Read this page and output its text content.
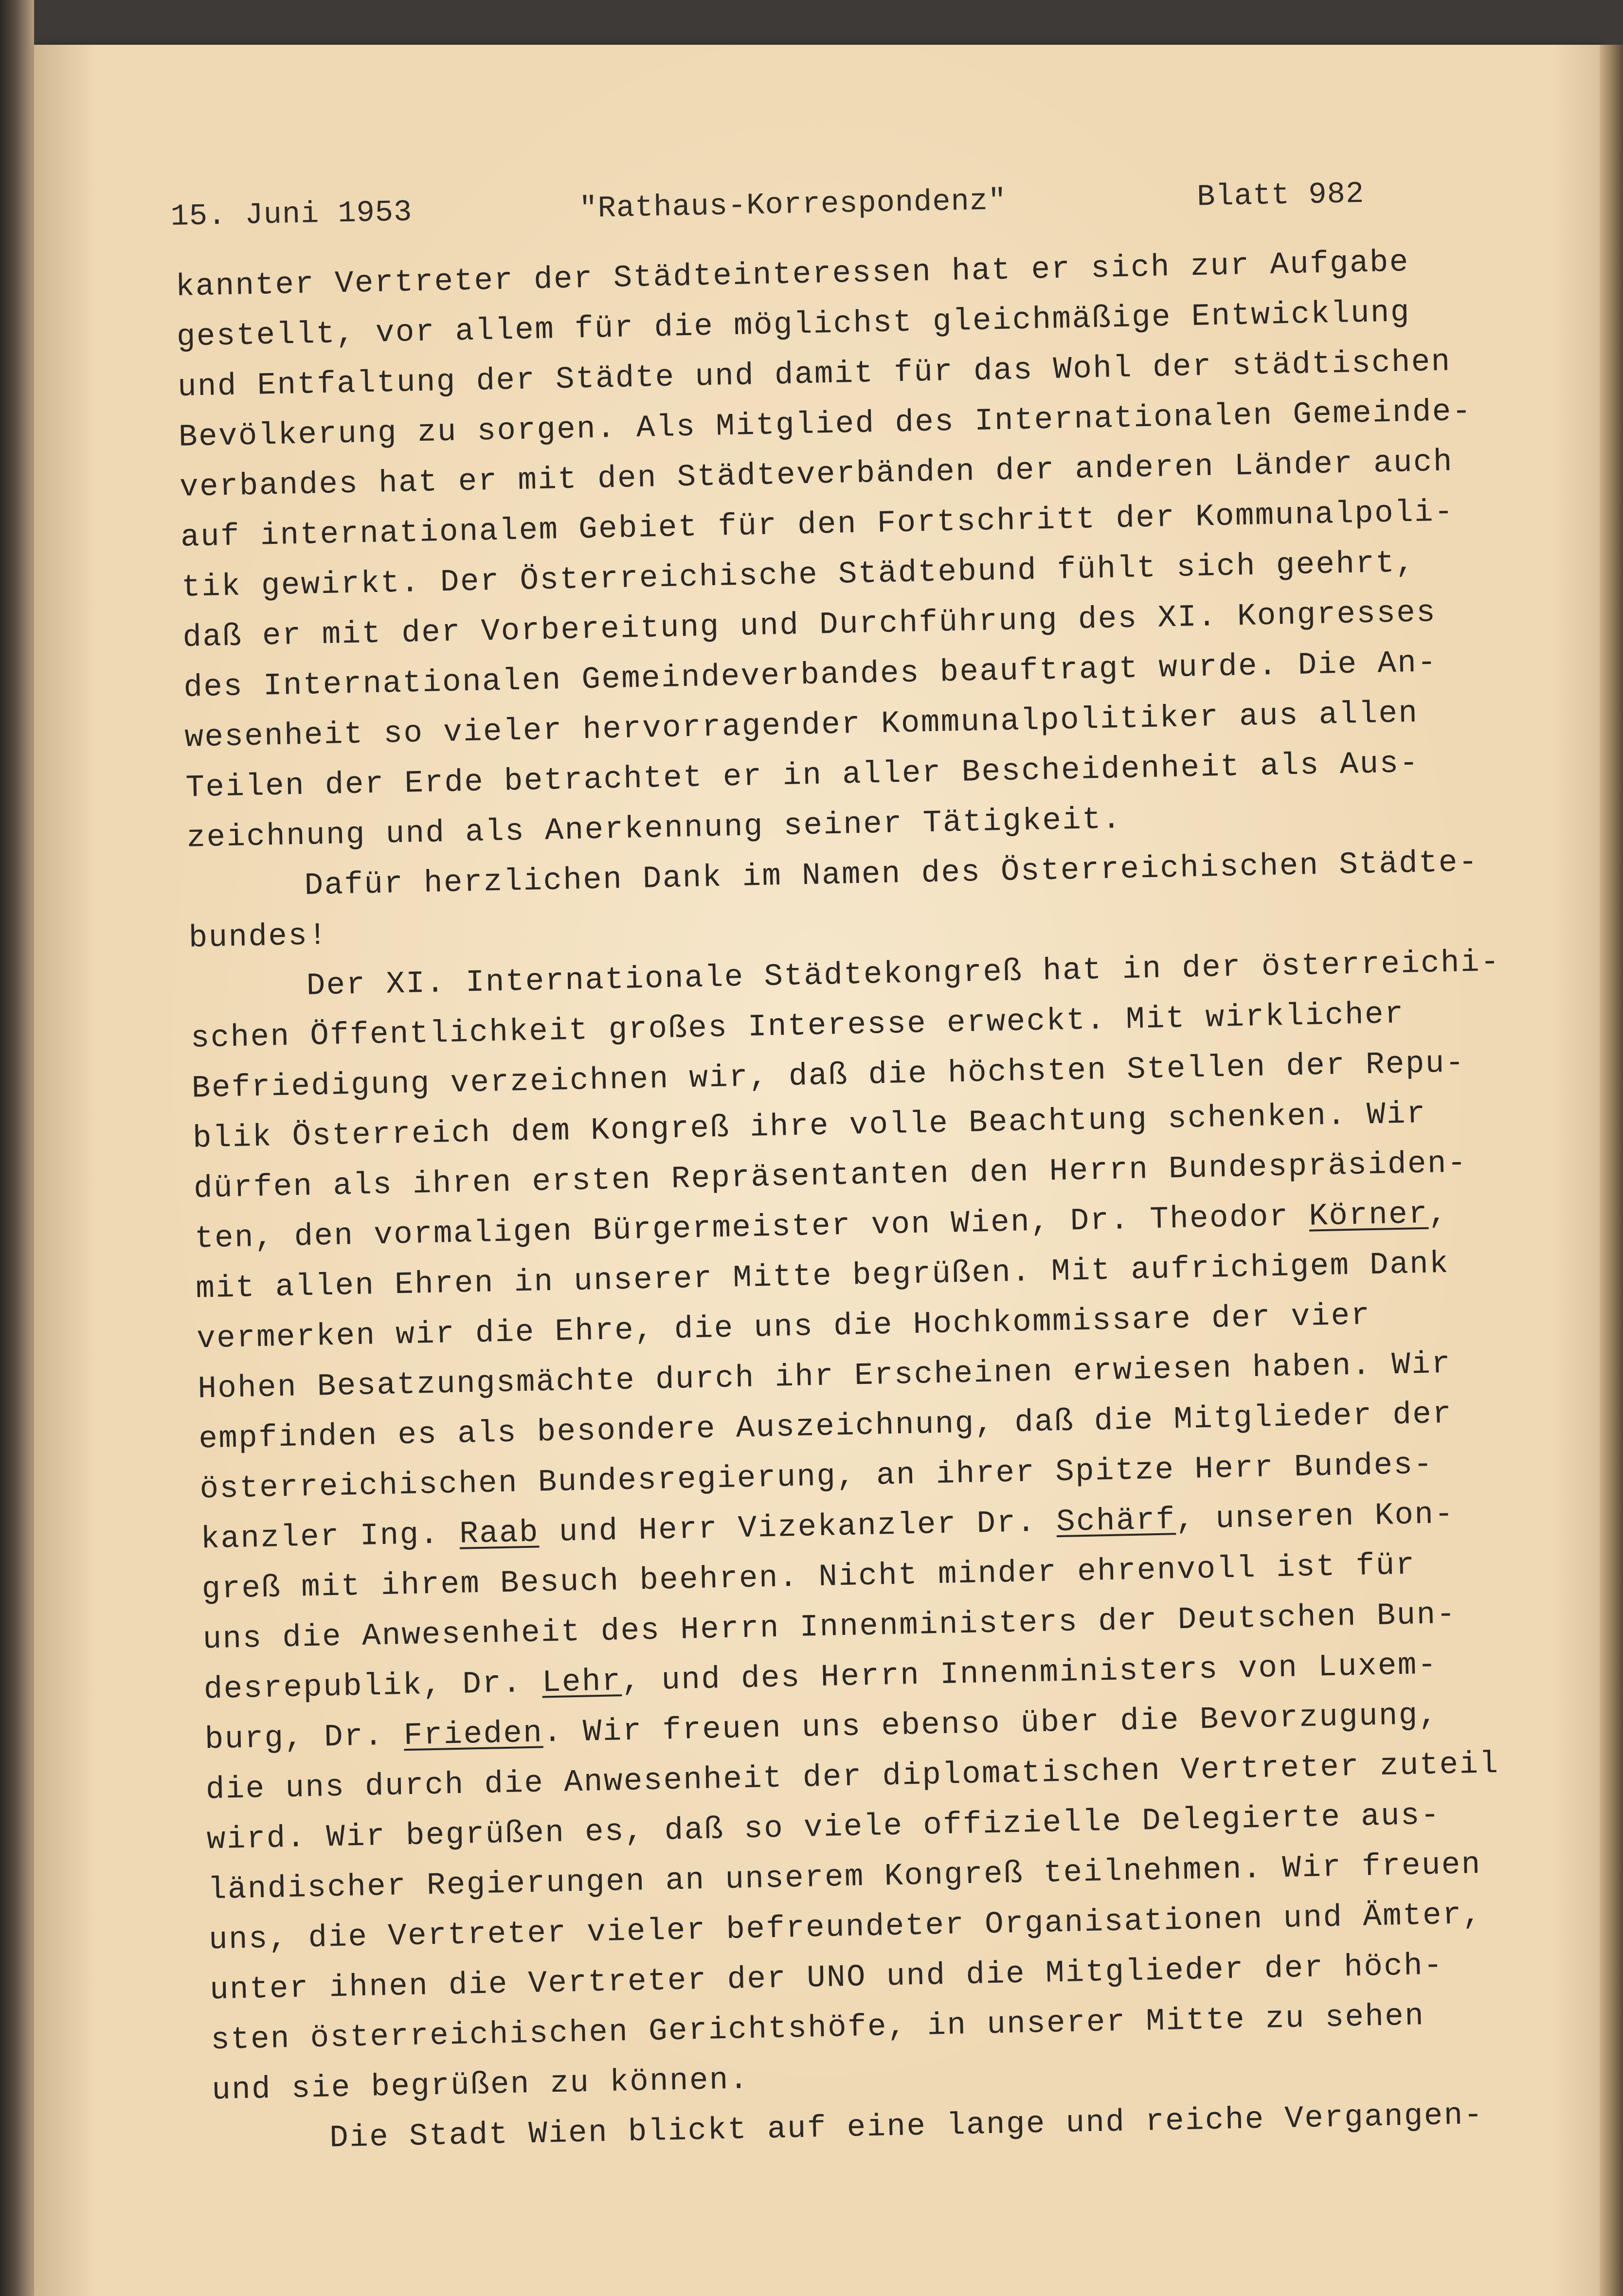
15. Juni 1953	"Rathaus-Korrespondenz"	Blatt 982
kannter Vertreter der Städteinteressen hat er sich zur Aufgabe
gestellt, vor allem für die möglichst gleichmäßige Entwicklung
und Entfaltung der Städte und damit für das Wohl der städtischen
Bevölkerung zu sorgen. Als Mitglied des Internationalen Gemeinde-
verbandes hat er mit den Städteverbänden der anderen Länder auch
auf internationalem Gebiet für den Fortschritt der Kommunalpoli-
tik gewirkt. Der Österreichische Städtebund fühlt sich geehrt,
daß er mit der Vorbereitung und Durchführung des XI. Kongresses
des Internationalen Gemeindeverbandes beauftragt wurde. Die An-
wesenheit so vieler hervorragender Kommunalpolitiker aus allen
Teilen der Erde betrachtet er in aller Bescheidenheit als Aus-
zeichnung und als Anerkennung seiner Tätigkeit.
Dafür herzlichen Dank im Namen des Österreichischen Städte-
bundes!
Der XI. Internationale Städtekongreß hat in der österreichi-
schen Öffentlichkeit großes Interesse erweckt. Mit wirklicher
Befriedigung verzeichnen wir, daß die höchsten Stellen der Repu-
blik Österreich dem Kongreß ihre volle Beachtung schenken. Wir
dürfen als ihren ersten Repräsentanten den Herrn Bundespräsiden-
ten, den vormaligen Bürgermeister von Wien, Dr. Theodor Körner,
mit allen Ehren in unserer Mitte begrüßen. Mit aufrichigem Dank
vermerken wir die Ehre, die uns die Hochkommissare der vier
Hohen Besatzungsmächte durch ihr Erscheinen erwiesen haben. Wir
empfinden es als besondere Auszeichnung, daß die Mitglieder der
österreichischen Bundesregierung, an ihrer Spitze Herr Bundes-
kanzler Ing. Raab und Herr Vizekanzler Dr. Schärf, unseren Kon-
greß mit ihrem Besuch beehren. Nicht minder ehrenvoll ist für
uns die Anwesenheit des Herrn Innenministers der Deutschen Bun-
desrepublik, Dr. Lehr, und des Herrn Innenministers von Luxem-
burg, Dr. Frieden. Wir freuen uns ebenso über die Bevorzugung,
die uns durch die Anwesenheit der diplomatischen Vertreter zuteil
wird. Wir begrüßen es, daß so viele offizielle Delegierte aus-
ländischer Regierungen an unserem Kongreß teilnehmen. Wir freuen
uns, die Vertreter vieler befreundeter Organisationen und Ämter,
unter ihnen die Vertreter der UNO und die Mitglieder der höch-
sten österreichischen Gerichtshöfe, in unserer Mitte zu sehen
und sie begrüßen zu können.
Die Stadt Wien blickt auf eine lange und reiche Vergangen-
